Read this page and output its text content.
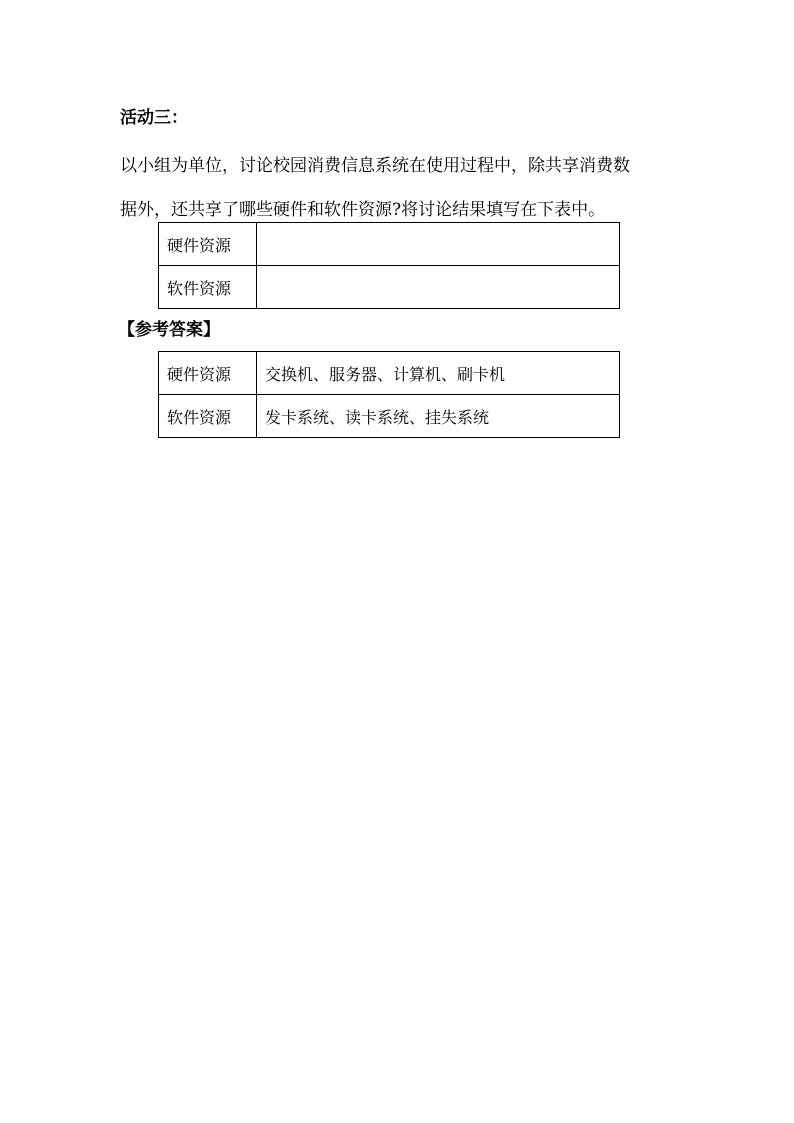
活动三：
以小组为单位，讨论校园消费信息系统在使用过程中，除共享消费数
据外，还共享了哪些硬件和软件资源?将讨论结果填写在下表中。
硬件资源	
软件资源	
【参考答案】
硬件资源	交换机、服务器、计算机、刷卡机
软件资源	发卡系统、读卡系统、挂失系统
